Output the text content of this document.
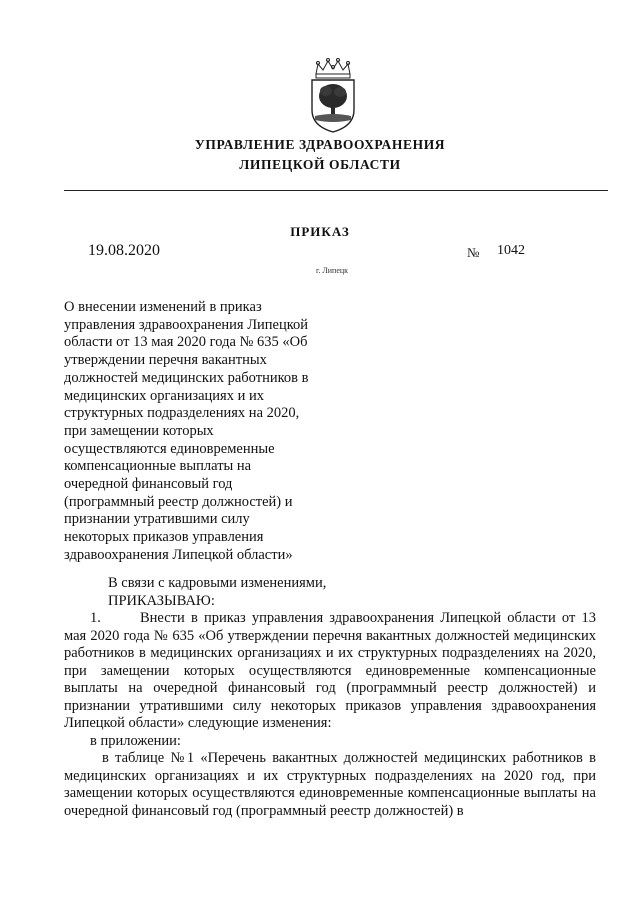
УПРАВЛЕНИЕ ЗДРАВООХРАНЕНИЯ
ЛИПЕЦКОЙ ОБЛАСТИ
ПРИКАЗ
19.08.2020	№ 1042
г. Липецк
О внесении изменений в приказ
управления здравоохранения Липецкой
области от 13 мая 2020 года № 635 «Об
утверждении перечня вакантных
должностей медицинских работников в
медицинских организациях и их
структурных подразделениях на 2020,
при замещении которых
осуществляются единовременные
компенсационные выплаты на
очередной финансовый год
(программный реестр должностей) и
признании утратившими силу
некоторых приказов управления
здравоохранения Липецкой области»
В связи с кадровыми изменениями,
ПРИКАЗЫВАЮ:
1.	Внести в приказ управления здравоохранения Липецкой области от 13 мая 2020 года № 635 «Об утверждении перечня вакантных должностей медицинских работников в медицинских организациях и их структурных подразделениях на 2020, при замещении которых осуществляются единовременные компенсационные выплаты на очередной финансовый год (программный реестр должностей) и признании утратившими силу некоторых приказов управления здравоохранения Липецкой области» следующие изменения:
в приложении:
в таблице №1 «Перечень вакантных должностей медицинских работников в медицинских организациях и их структурных подразделениях на 2020 год, при замещении которых осуществляются единовременные компенсационные выплаты на очередной финансовый год (программный реестр должностей) в
